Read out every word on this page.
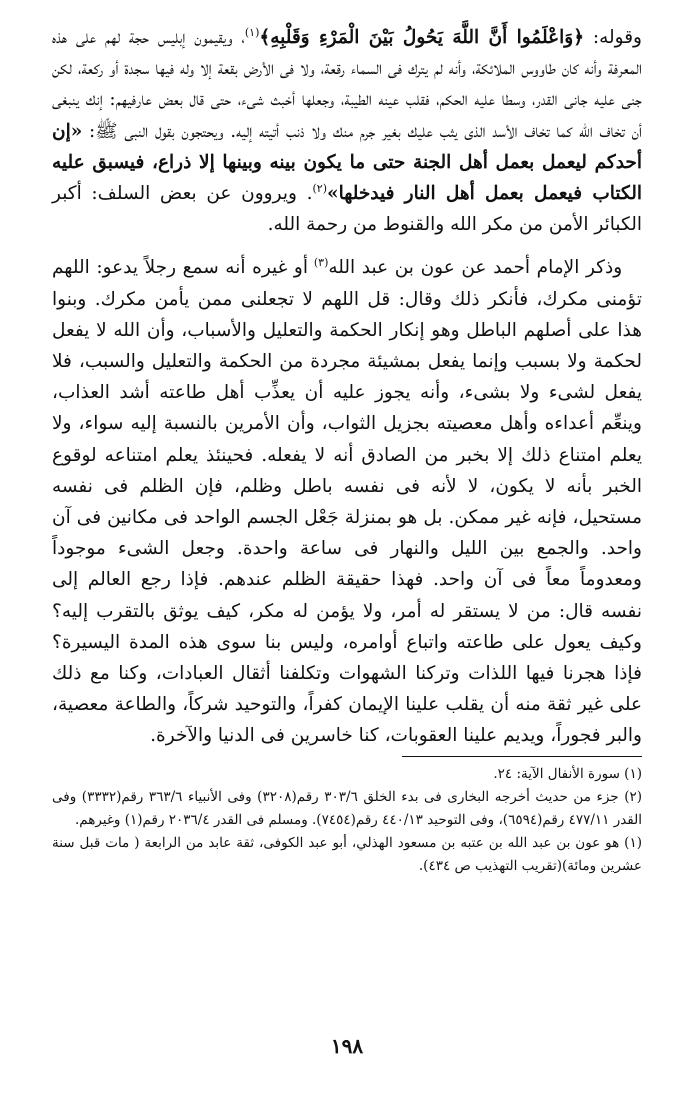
وقوله: ﴿وَاعْلَمُوا أَنَّ اللَّهَ يَحُولُ بَيْنَ الْمَرْءِ وَقَلْبِهِ﴾$^{(١)}$، ويقيمون إبليس حجة لهم على هذه المعرفة وأنه كان طاووس الملائكة، وأنه لم يترك فى السماء رقعة، ولا فى الأرض بقعة إلا وله فيها سجدة أو ركعة، لكن جنى عليه جانى القدر، وسطا عليه الحكم، فقلب عينه الطيبة، وجعلها أخبث شىء، حتى قال بعض عارفيهم: إنك ينبغى أن تخاف الله كما تخاف الأسد الذى يثب عليك بغير جرم منك ولا ذنب أتيته إليه. ويحتجون بقول النبى ﷺ: «إن أحدكم ليعمل بعمل أهل الجنة حتى ما يكون بينه وبينها إلا ذراع، فيسبق عليه الكتاب فيعمل بعمل أهل النار فيدخلها»$^{(٢)}$. ويروون عن بعض السلف: أكبر الكبائر الأمن من مكر الله والقنوط من رحمة الله.

وذكر الإمام أحمد عن عون بن عبد الله$^{(٣)}$ أو غيره أنه سمع رجلاً يدعو: اللهم تؤمنى مكرك، فأنكر ذلك وقال: قل اللهم لا تجعلنى ممن يأمن مكرك. وبنوا هذا على أصلهم الباطل وهو إنكار الحكمة والتعليل والأسباب، وأن الله لا يفعل لحكمة ولا بسبب وإنما يفعل بمشيئة مجردة من الحكمة والتعليل والسبب، فلا يفعل لشىء ولا بشىء، وأنه يجوز عليه أن يعذِّب أهل طاعته أشد العذاب، وينعِّم أعداءه وأهل معصيته بجزيل الثواب، وأن الأمرين بالنسبة إليه سواء، ولا يعلم امتناع ذلك إلا بخبر من الصادق أنه لا يفعله. فحينئذ يعلم امتناعه لوقوع الخبر بأنه لا يكون، لا لأنه فى نفسه باطل وظلم، فإن الظلم فى نفسه مستحيل، فإنه غير ممكن. بل هو بمنزلة جَعْل الجسم الواحد فى مكانين فى آن واحد. والجمع بين الليل والنهار فى ساعة واحدة. وجعل الشىء موجوداً ومعدوماً معاً فى آن واحد. فهذا حقيقة الظلم عندهم. فإذا رجع العالم إلى نفسه قال: من لا يستقر له أمر، ولا يؤمن له مكر، كيف يوثق بالتقرب إليه؟ وكيف يعول على طاعته واتباع أوامره، وليس بنا سوى هذه المدة اليسيرة؟ فإذا هجرنا فيها اللذات وتركنا الشهوات وتكلفنا أثقال العبادات، وكنا مع ذلك على غير ثقة منه أن يقلب علينا الإيمان كفراً، والتوحيد شركاً، والطاعة معصية، والبر فجوراً، ويديم علينا العقوبات، كنا خاسرين فى الدنيا والآخرة.

(١) سورة الأنفال الآية: ٢٤.

(٢) جزء من حديث أخرجه البخارى فى بدء الخلق ٣٠٣/٦ رقم(٣٢٠٨) وفى الأنبياء ٣٦٣/٦ رقم(٣٣٣٢) وفى القدر ٤٧٧/١١ رقم(٦٥٩٤)، وفى التوحيد ٤٤٠/١٣ رقم(٧٤٥٤). ومسلم فى القدر ٢٠٣٦/٤ رقم(١) وغيرهم.

(١) هو عون بن عبد الله بن عتبه بن مسعود الهذلي، أبو عبد الكوفى، ثقة عابد من الرابعة ( مات قبل سنة عشرين ومائة)(تقريب التهذيب ص ٤٣٤).

١٩٨
